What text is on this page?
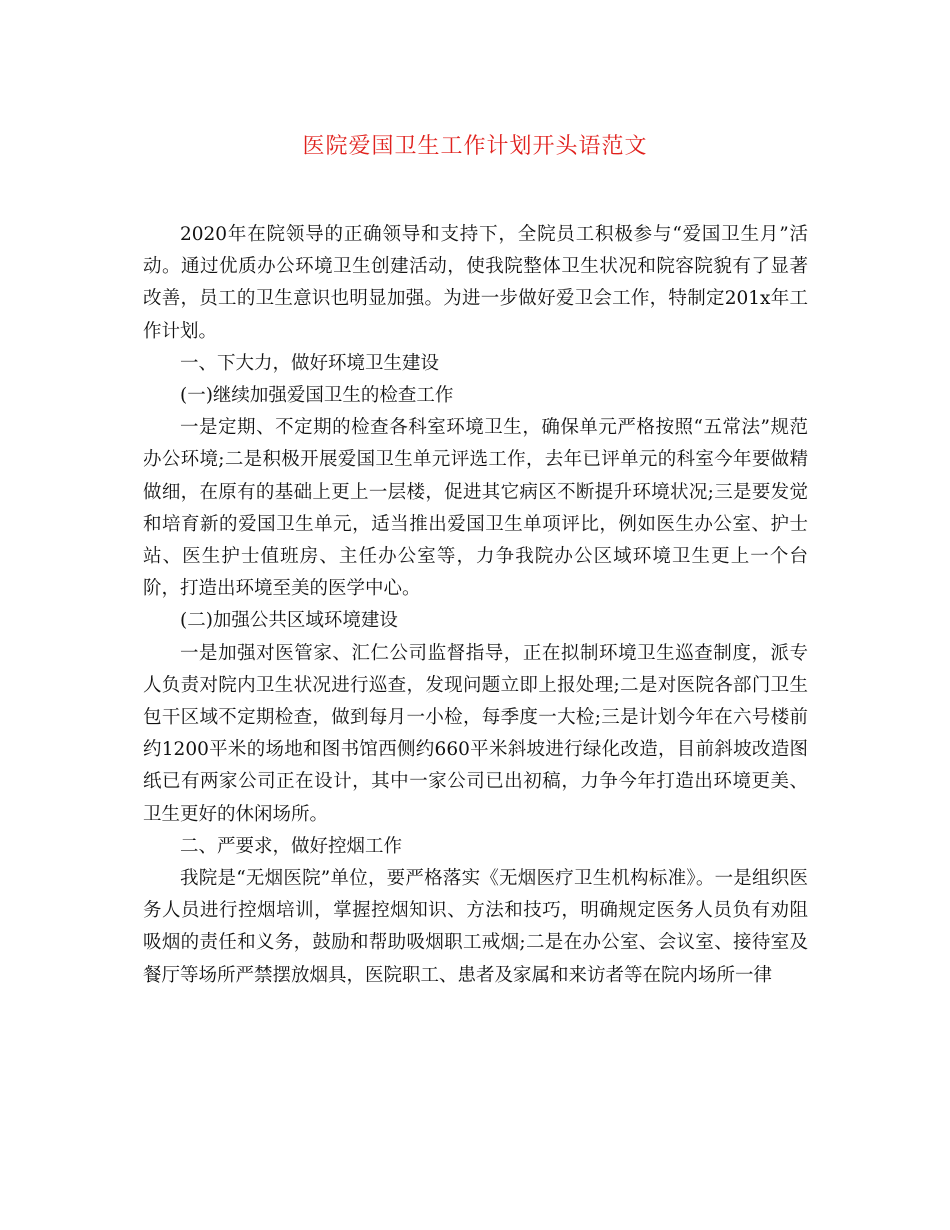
医院爱国卫生工作计划开头语范文

2020年在院领导的正确领导和支持下，全院员工积极参与“爱国卫生月”活动。通过优质办公环境卫生创建活动，使我院整体卫生状况和院容院貌有了显著改善，员工的卫生意识也明显加强。为进一步做好爱卫会工作，特制定201x年工作计划。

一、下大力，做好环境卫生建设

(一)继续加强爱国卫生的检查工作

一是定期、不定期的检查各科室环境卫生，确保单元严格按照“五常法”规范办公环境;二是积极开展爱国卫生单元评选工作，去年已评单元的科室今年要做精做细，在原有的基础上更上一层楼，促进其它病区不断提升环境状况;三是要发觉和培育新的爱国卫生单元，适当推出爱国卫生单项评比，例如医生办公室、护士站、医生护士值班房、主任办公室等，力争我院办公区域环境卫生更上一个台阶，打造出环境至美的医学中心。

(二)加强公共区域环境建设

一是加强对医管家、汇仁公司监督指导，正在拟制环境卫生巡查制度，派专人负责对院内卫生状况进行巡查，发现问题立即上报处理;二是对医院各部门卫生包干区域不定期检查，做到每月一小检，每季度一大检;三是计划今年在六号楼前约1200平米的场地和图书馆西侧约660平米斜坡进行绿化改造，目前斜坡改造图纸已有两家公司正在设计，其中一家公司已出初稿，力争今年打造出环境更美、卫生更好的休闲场所。

二、严要求，做好控烟工作

我院是“无烟医院”单位，要严格落实《无烟医疗卫生机构标准》。一是组织医务人员进行控烟培训，掌握控烟知识、方法和技巧，明确规定医务人员负有劝阻吸烟的责任和义务，鼓励和帮助吸烟职工戒烟;二是在办公室、会议室、接待室及餐厅等场所严禁摆放烟具，医院职工、患者及家属和来访者等在院内场所一律
